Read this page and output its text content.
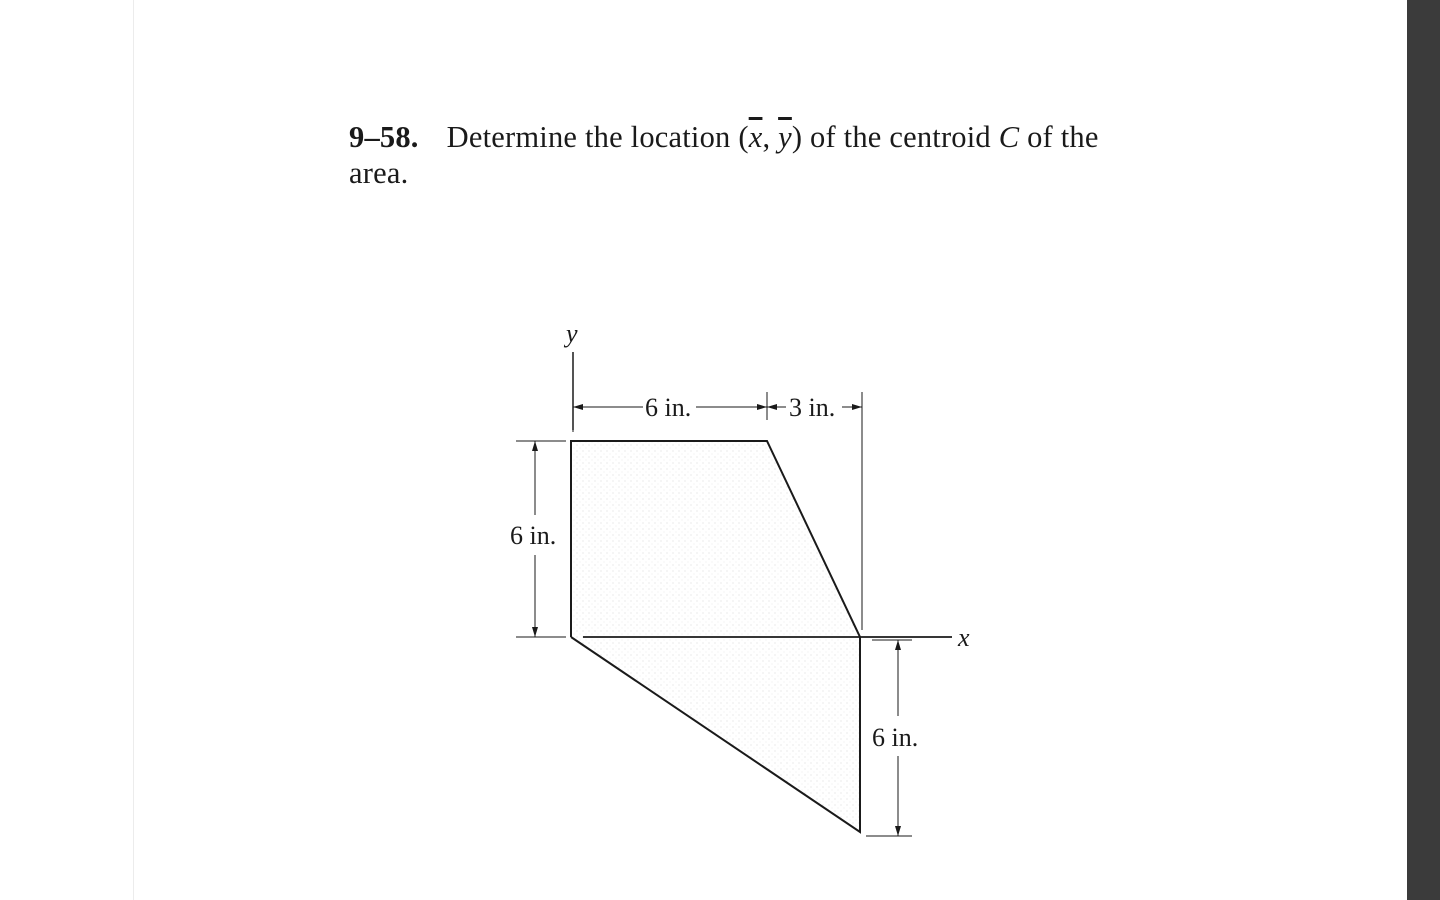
9–58. Determine the location ($\overline{x}$, $\overline{y}$) of the centroid C of the area.
y
x
6 in.	3 in.
6 in.
6 in.
